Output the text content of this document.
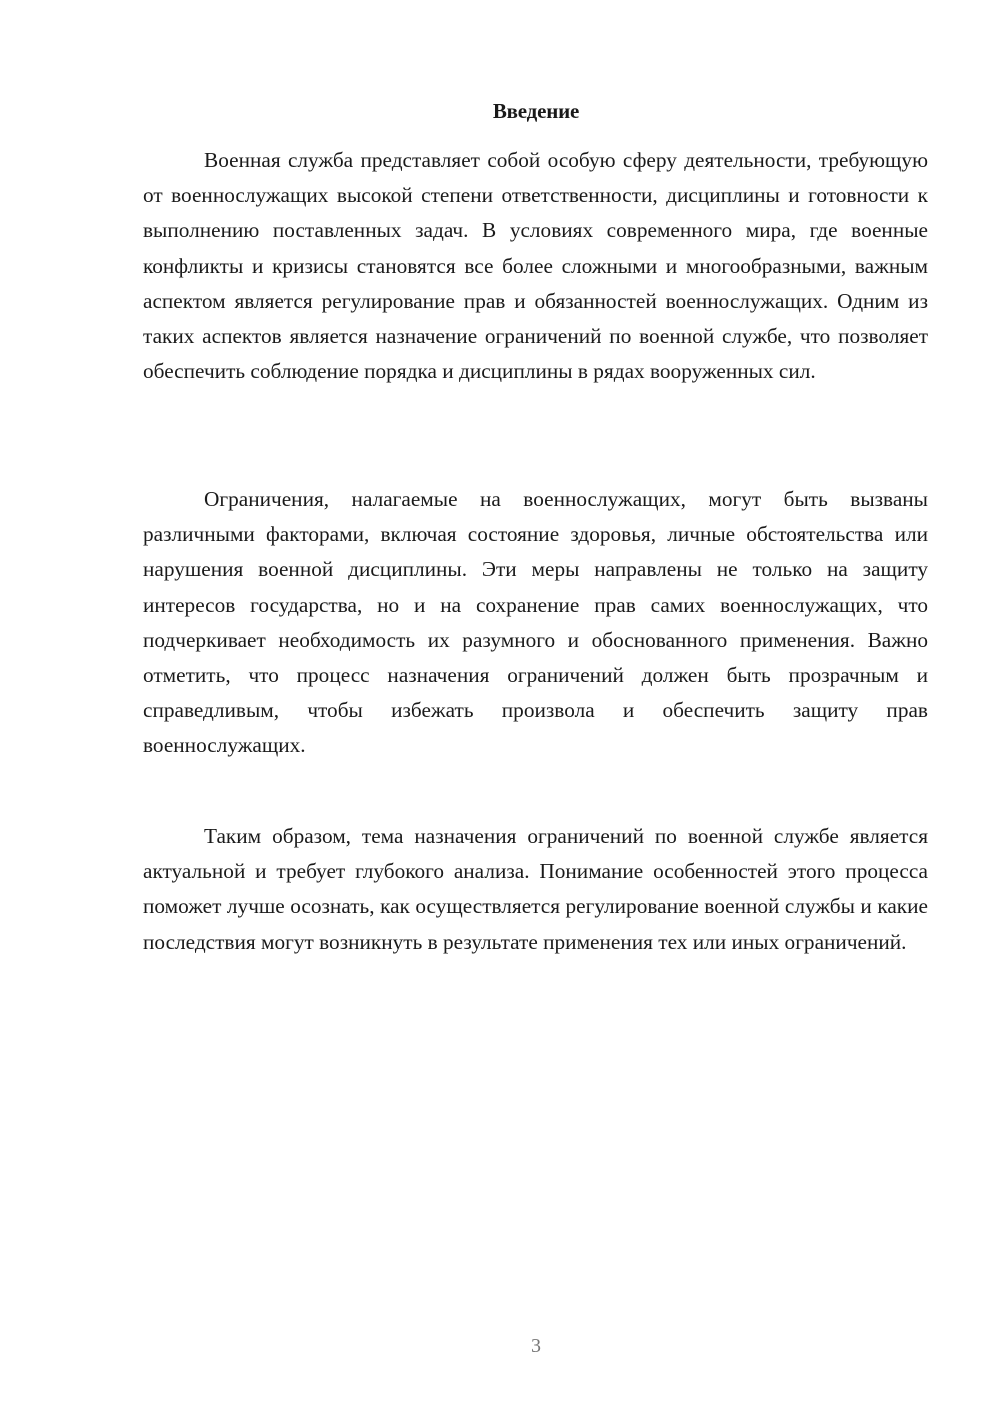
Введение

Военная служба представляет собой особую сферу деятельности, требующую от военнослужащих высокой степени ответственности, дисциплины и готовности к выполнению поставленных задач. В условиях современного мира, где военные конфликты и кризисы становятся все более сложными и многообразными, важным аспектом является регулирование прав и обязанностей военнослужащих. Одним из таких аспектов является назначение ограничений по военной службе, что позволяет обеспечить соблюдение порядка и дисциплины в рядах вооруженных сил.

Ограничения, налагаемые на военнослужащих, могут быть вызваны различными факторами, включая состояние здоровья, личные обстоятельства или нарушения военной дисциплины. Эти меры направлены не только на защиту интересов государства, но и на сохранение прав самих военнослужащих, что подчеркивает необходимость их разумного и обоснованного применения. Важно отметить, что процесс назначения ограничений должен быть прозрачным и справедливым, чтобы избежать произвола и обеспечить защиту прав военнослужащих.

Таким образом, тема назначения ограничений по военной службе является актуальной и требует глубокого анализа. Понимание особенностей этого процесса поможет лучше осознать, как осуществляется регулирование военной службы и какие последствия могут возникнуть в результате применения тех или иных ограничений.

3
